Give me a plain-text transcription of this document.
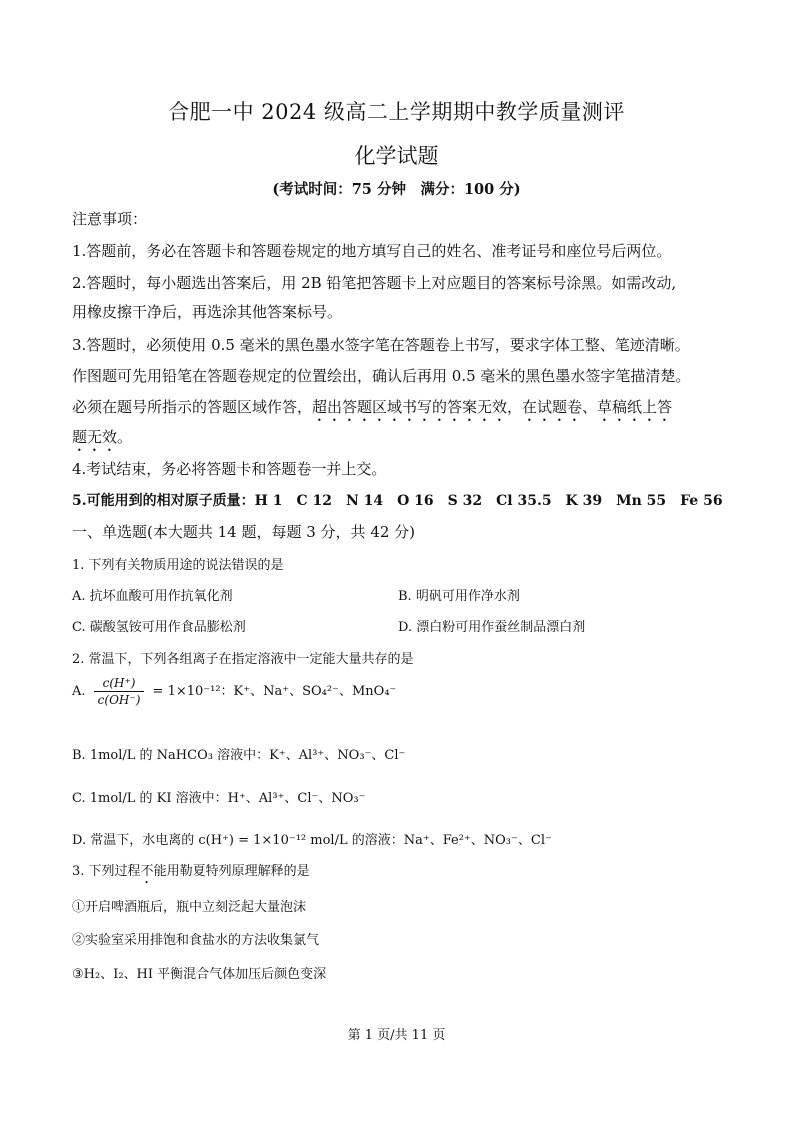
合肥一中 2024 级高二上学期期中教学质量测评
化学试题
(考试时间：75 分钟　满分：100 分)
注意事项：
1.答题前，务必在答题卡和答题卷规定的地方填写自己的姓名、准考证号和座位号后两位。
2.答题时，每小题选出答案后，用 2B 铅笔把答题卡上对应题目的答案标号涂黑。如需改动,
用橡皮擦干净后，再选涂其他答案标号。
3.答题时，必须使用 0.5 毫米的黑色墨水签字笔在答题卷上书写，要求字体工整、笔迹清晰。
作图题可先用铅笔在答题卷规定的位置绘出，确认后再用 0.5 毫米的黑色墨水签字笔描清楚。
必须在题号所指示的答题区域作答，超出答题区域书写的答案无效，在试题卷、草稿纸上答
题无效。
4.考试结束，务必将答题卡和答题卷一并上交。
5.可能用到的相对原子质量：H 1　C 12　N 14　O 16　S 32　Cl 35.5　K 39　Mn 55　Fe 56
一、单选题(本大题共 14 题，每题 3 分，共 42 分)
1. 下列有关物质用途的说法错误的是
A. 抗坏血酸可用作抗氧化剂	B. 明矾可用作净水剂
C. 碳酸氢铵可用作食品膨松剂	D. 漂白粉可用作蚕丝制品漂白剂
2. 常温下，下列各组离子在指定溶液中一定能大量共存的是
A. $\frac{c(H^+)}{c(OH^-)} = 1\times 10^{-12}$：K⁺、Na⁺、SO₄²⁻、MnO₄⁻
B. 1mol/L 的 NaHCO₃ 溶液中：K⁺、Al³⁺、NO₃⁻、Cl⁻
C. 1mol/L 的 KI 溶液中：H⁺、Al³⁺、Cl⁻、NO₃⁻
D. 常温下，水电离的 c(H⁺) = 1×10⁻¹² mol/L 的溶液：Na⁺、Fe²⁺、NO₃⁻、Cl⁻
3. 下列过程不能用勒夏特列原理解释的是
①开启啤酒瓶后，瓶中立刻泛起大量泡沫
②实验室采用排饱和食盐水的方法收集氯气
③H₂、I₂、HI 平衡混合气体加压后颜色变深
第 1 页/共 11 页
